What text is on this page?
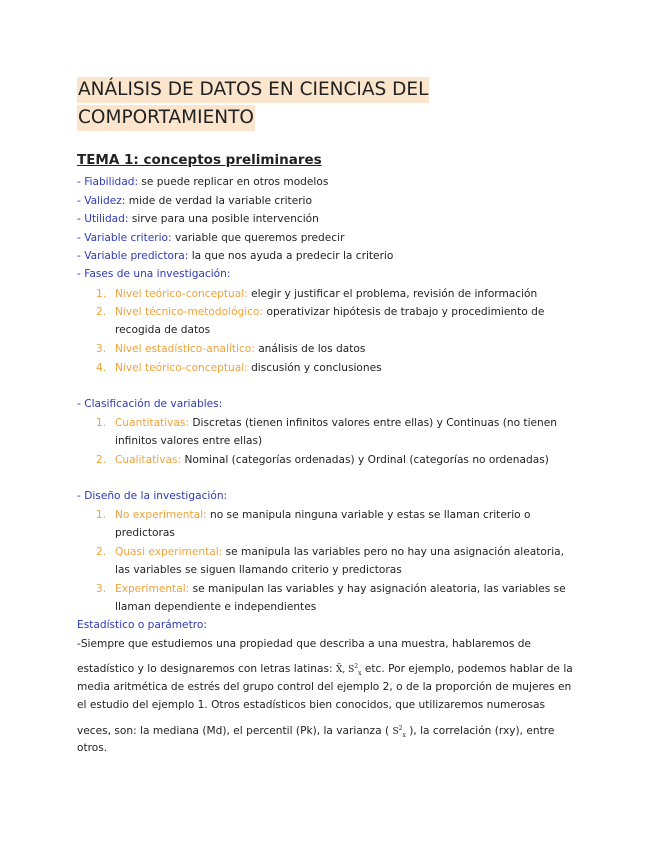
ANÁLISIS DE DATOS EN CIENCIAS DEL
COMPORTAMIENTO
TEMA 1: conceptos preliminares
- Fiabilidad: se puede replicar en otros modelos
- Validez: mide de verdad la variable criterio
- Utilidad: sirve para una posible intervención
- Variable criterio: variable que queremos predecir
- Variable predictora: la que nos ayuda a predecir la criterio
- Fases de una investigación:
1. Nivel teórico-conceptual: elegir y justificar el problema, revisión de información
2. Nivel técnico-metodológico: operativizar hipótesis de trabajo y procedimiento de
recogida de datos
3. Nivel estadístico-analítico: análisis de los datos
4. Nivel teórico-conceptual: discusión y conclusiones
- Clasificación de variables:
1. Cuantitativas: Discretas (tienen infinitos valores entre ellas) y Continuas (no tienen
infinitos valores entre ellas)
2. Cualitativas: Nominal (categorías ordenadas) y Ordinal (categorías no ordenadas)
- Diseño de la investigación:
1. No experimental: no se manipula ninguna variable y estas se llaman criterio o
predictoras
2. Quasi experimental: se manipula las variables pero no hay una asignación aleatoria,
las variables se siguen llamando criterio y predictoras
3. Experimental: se manipulan las variables y hay asignación aleatoria, las variables se
llaman dependiente e independientes
Estadístico o parámetro:
-Siempre que estudiemos una propiedad que describa a una muestra, hablaremos de
estadístico y lo designaremos con letras latinas: X̄, $S^2_x$ etc. Por ejemplo, podemos hablar de la
media aritmética de estrés del grupo control del ejemplo 2, o de la proporción de mujeres en
el estudio del ejemplo 1. Otros estadísticos bien conocidos, que utilizaremos numerosas
veces, son: la mediana (Md), el percentil (Pk), la varianza ( $S^2_x$ ), la correlación (rxy), entre
otros.
